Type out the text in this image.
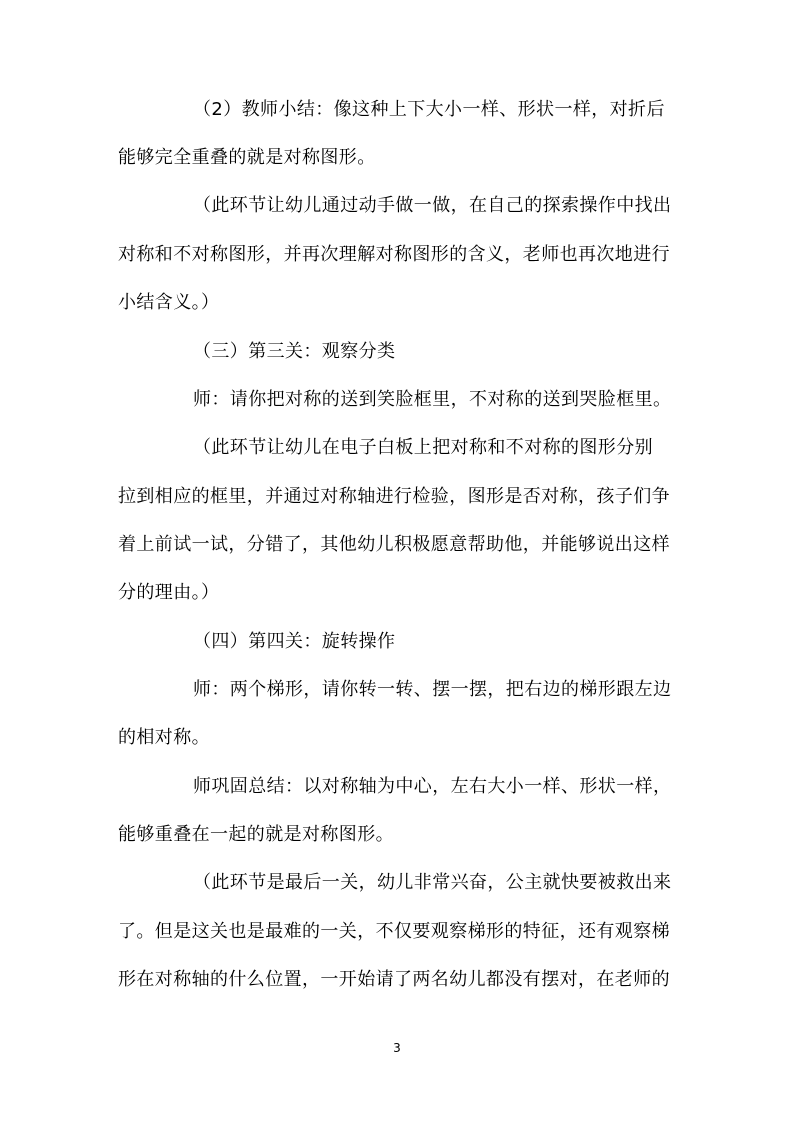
（2）教师小结：像这种上下大小一样、形状一样，对折后
能够完全重叠的就是对称图形。
（此环节让幼儿通过动手做一做，在自己的探索操作中找出
对称和不对称图形，并再次理解对称图形的含义，老师也再次地进行
小结含义。）
（三）第三关：观察分类
师：请你把对称的送到笑脸框里，不对称的送到哭脸框里。
（此环节让幼儿在电子白板上把对称和不对称的图形分别
拉到相应的框里，并通过对称轴进行检验，图形是否对称，孩子们争
着上前试一试，分错了，其他幼儿积极愿意帮助他，并能够说出这样
分的理由。）
（四）第四关：旋转操作
师：两个梯形，请你转一转、摆一摆，把右边的梯形跟左边
的相对称。
师巩固总结：以对称轴为中心，左右大小一样、形状一样，
能够重叠在一起的就是对称图形。
（此环节是最后一关，幼儿非常兴奋，公主就快要被救出来
了。但是这关也是最难的一关，不仅要观察梯形的特征，还有观察梯
形在对称轴的什么位置，一开始请了两名幼儿都没有摆对，在老师的
3
